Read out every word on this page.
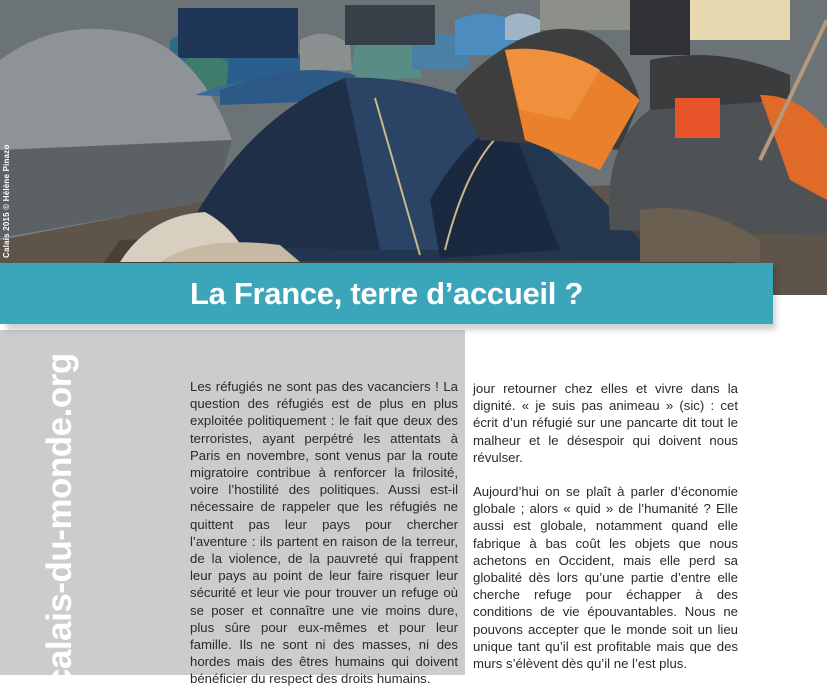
Calais 2015 © Hélène Pinazo
calais-du-monde.org
La France, terre d’accueil ?

Les réfugiés ne sont pas des vacanciers ! La question des réfugiés est de plus en plus exploitée politiquement : le fait que deux des terroristes, ayant perpétré les attentats à Paris en novembre, sont venus par la route migratoire contribue à renforcer la frilosité, voire l’hostilité des politiques. Aussi est-il nécessaire de rappeler que les réfugiés ne quittent pas leur pays pour chercher l’aventure : ils partent en raison de la terreur, de la violence, de la pauvreté qui frappent leur pays au point de leur faire risquer leur sécurité et leur vie pour trouver un refuge où se poser et connaître une vie moins dure, plus sûre pour eux-mêmes et pour leur famille. Ils ne sont ni des masses, ni des hordes mais des êtres humains qui doivent bénéficier du respect des droits humains.

jour retourner chez elles et vivre dans la dignité. « je suis pas animeau » (sic) : cet écrit d’un réfugié sur une pancarte dit tout le malheur et le désespoir qui doivent nous révulser.

Aujourd’hui on se plaît à parler d’économie globale ; alors « quid » de l’humanité ? Elle aussi est globale, notamment quand elle fabrique à bas coût les objets que nous achetons en Occident, mais elle perd sa globalité dès lors qu’une partie d’entre elle cherche refuge pour échapper à des conditions de vie épouvantables. Nous ne pouvons accepter que le monde soit un lieu unique tant qu’il est profitable mais que des murs s’élèvent dès qu’il ne l’est plus.
